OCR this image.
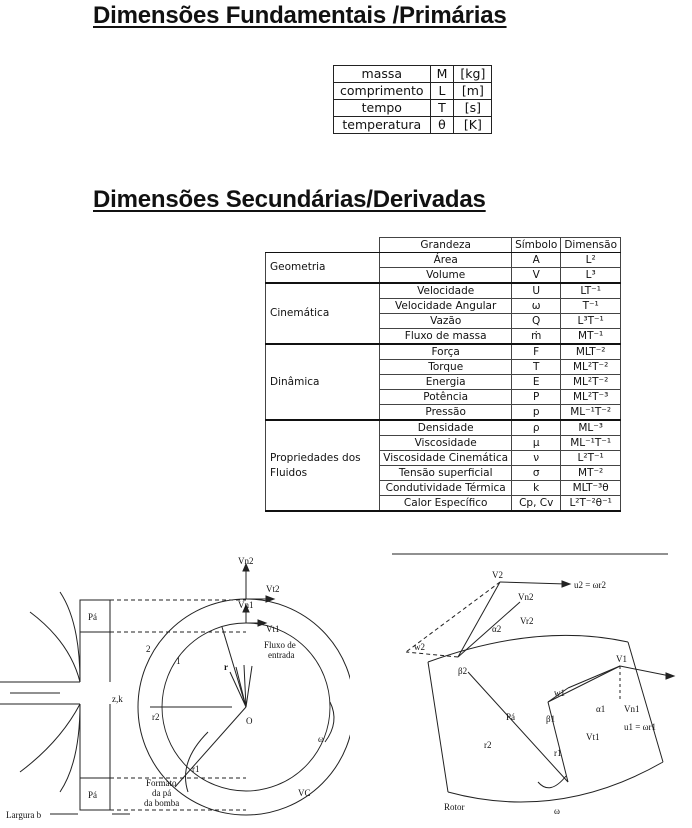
Dimensões Fundamentais /Primárias
massa	M	[kg]
comprimento	L	[m]
tempo	T	[s]
temperatura	θ	[K]
Dimensões Secundárias/Derivadas
	Grandeza	Símbolo	Dimensão
Geometria	Área	A	L²
	Volume	V	L³
Cinemática	Velocidade	U	LT⁻¹
	Velocidade Angular	ω	T⁻¹
	Vazão	Q	L³T⁻¹
	Fluxo de massa	ṁ	MT⁻¹
Dinâmica	Força	F	MLT⁻²
	Torque	T	ML²T⁻²
	Energia	E	ML²T⁻²
	Potência	P	ML²T⁻³
	Pressão	p	ML⁻¹T⁻²
Propriedades dos Fluidos	Densidade	ρ	ML⁻³
	Viscosidade	μ	ML⁻¹T⁻¹
	Viscosidade Cinemática	ν	L²T⁻¹
	Tensão superficial	σ	MT⁻²
	Condutividade Térmica	k	MLT⁻³θ
	Calor Específico	Cp, Cv	L²T⁻²θ⁻¹
Pá
Pá
Vn2
Vt2
Vn1
Vt1
Fluxo de
entrada
r
r2
r1
z,k
O
ω
2
1
VC
Formato
da pá
da bomba
Largura b
V2
u2 = ωr2
Vn2
Vr2
α2
w2
β2
w1
V1
β1
α1 Vn1
u1 = ωr1
Pá
Vt1
r2
r1
Rotor	ω
